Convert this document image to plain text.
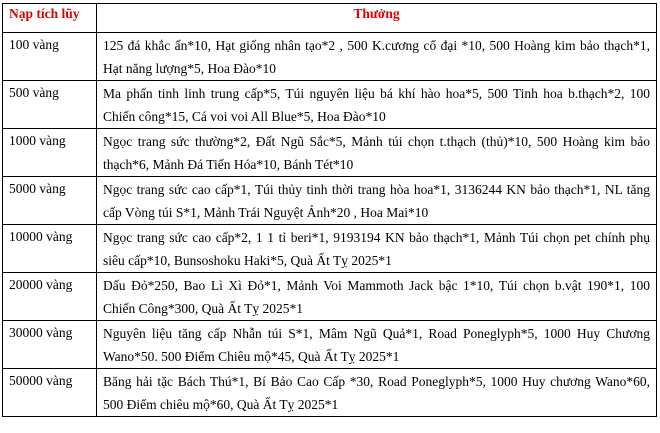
Nạp tích lũy	Thưởng
100 vàng	125 đá khắc ấn*10, Hạt giống nhân tạo*2 , 500 K.cương cổ đại *10, 500 Hoàng kim bảo thạch*1, Hạt năng lượng*5, Hoa Đào*10
500 vàng	Ma phấn tinh linh trung cấp*5, Túi nguyên liệu bá khí hào hoa*5, 500 Tinh hoa b.thạch*2, 100 Chiến công*15, Cá voi voi All Blue*5, Hoa Đào*10
1000 vàng	Ngọc trang sức thường*2, Đất Ngũ Sắc*5, Mảnh túi chọn t.thạch (thủ)*10, 500 Hoàng kim bảo thạch*6, Mảnh Đá Tiến Hóa*10, Bánh Tét*10
5000 vàng	Ngọc trang sức cao cấp*1, Túi thủy tinh thời trang hòa hoa*1, 3136244 KN bảo thạch*1, NL tăng cấp Vòng túi S*1, Mảnh Trái Nguyệt Ảnh*20 , Hoa Mai*10
10000 vàng	Ngọc trang sức cao cấp*2, 1 1 tỉ beri*1, 9193194 KN bảo thạch*1, Mảnh Túi chọn pet chính phụ siêu cấp*10, Bunsoshoku Haki*5, Quà Ất Tỵ 2025*1
20000 vàng	Dấu Đỏ*250, Bao Lì Xì Đỏ*1, Mảnh Voi Mammoth Jack bậc 1*10, Túi chọn b.vật 190*1, 100 Chiến Công*300, Quà Ất Tỵ 2025*1
30000 vàng	Nguyên liệu tăng cấp Nhẫn túi S*1, Mâm Ngũ Quả*1, Road Poneglyph*5, 1000 Huy Chương Wano*50. 500 Điểm Chiêu mộ*45, Quà Ất Tỵ 2025*1
50000 vàng	Băng hải tặc Bách Thú*1, Bí Bảo Cao Cấp *30, Road Poneglyph*5, 1000 Huy chương Wano*60, 500 Điểm chiêu mộ*60, Quà Ất Tỵ 2025*1
